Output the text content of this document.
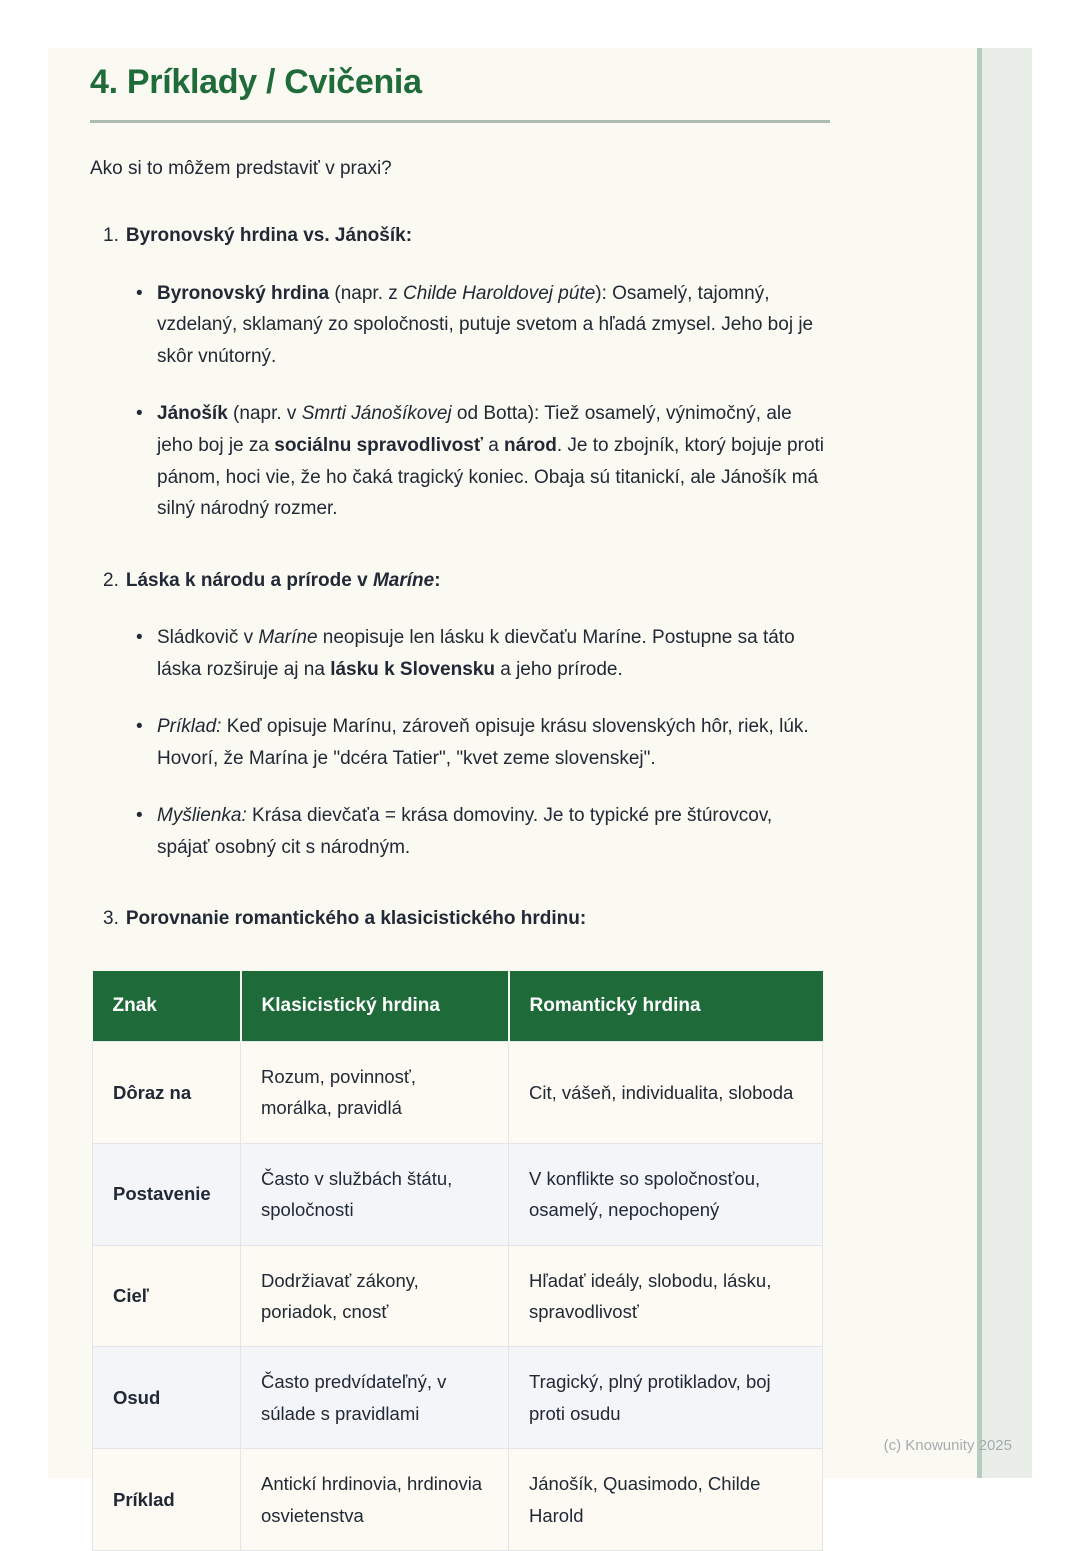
4. Príklady / Cvičenia

Ako si to môžem predstaviť v praxi?

1. Byronovský hrdina vs. Jánošík:
• Byronovský hrdina (napr. z Childe Haroldovej púte): Osamelý, tajomný, vzdelaný, sklamaný zo spoločnosti, putuje svetom a hľadá zmysel. Jeho boj je skôr vnútorný.
• Jánošík (napr. v Smrti Jánošíkovej od Botta): Tiež osamelý, výnimočný, ale jeho boj je za sociálnu spravodlivosť a národ. Je to zbojník, ktorý bojuje proti pánom, hoci vie, že ho čaká tragický koniec. Obaja sú titanickí, ale Jánošík má silný národný rozmer.
2. Láska k národu a prírode v Maríne:
• Sládkovič v Maríne neopisuje len lásku k dievčaťu Maríne. Postupne sa táto láska rozširuje aj na lásku k Slovensku a jeho prírode.
• Príklad: Keď opisuje Marínu, zároveň opisuje krásu slovenských hôr, riek, lúk. Hovorí, že Marína je "dcéra Tatier", "kvet zeme slovenskej".
• Myšlienka: Krása dievčaťa = krása domoviny. Je to typické pre štúrovcov, spájať osobný cit s národným.
3. Porovnanie romantického a klasicistického hrdinu:
Znak	Klasicistický hrdina	Romantický hrdina
Dôraz na	Rozum, povinnosť, morálka, pravidlá	Cit, vášeň, individualita, sloboda
Postavenie	Často v službách štátu, spoločnosti	V konflikte so spoločnosťou, osamelý, nepochopený
Cieľ	Dodržiavať zákony, poriadok, cnosť	Hľadať ideály, slobodu, lásku, spravodlivosť
Osud	Často predvídateľný, v súlade s pravidlami	Tragický, plný protikladov, boj proti osudu
Príklad	Antickí hrdinovia, hrdinovia osvietenstva	Jánošík, Quasimodo, Childe Harold
(c) Knowunity 2025
